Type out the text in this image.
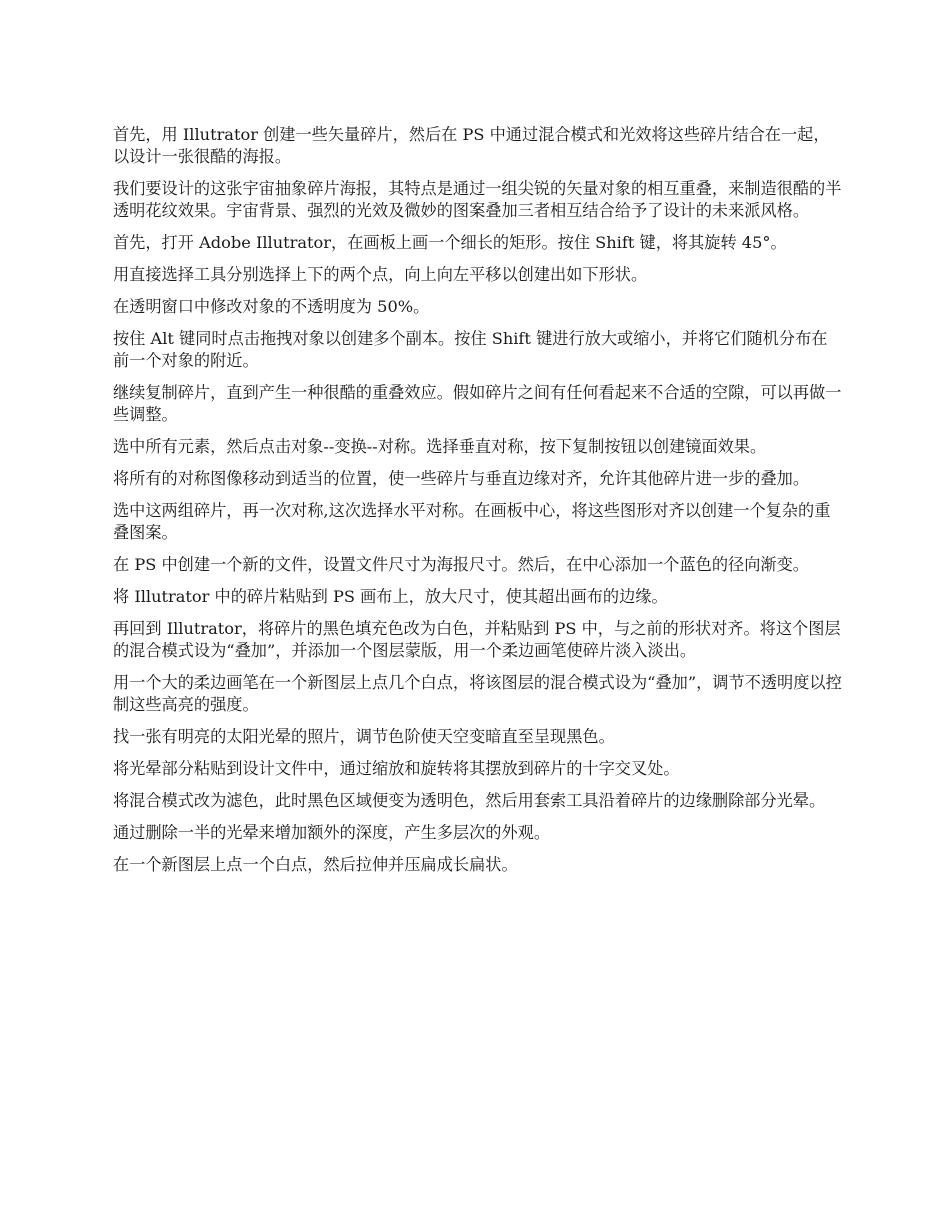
首先，用 Illutrator 创建一些矢量碎片，然后在 PS 中通过混合模式和光效将这些碎片结合在一起，以设计一张很酷的海报。

我们要设计的这张宇宙抽象碎片海报，其特点是通过一组尖锐的矢量对象的相互重叠，来制造很酷的半透明花纹效果。宇宙背景、强烈的光效及微妙的图案叠加三者相互结合给予了设计的未来派风格。

首先，打开 Adobe Illutrator，在画板上画一个细长的矩形。按住 Shift 键，将其旋转 45°。

用直接选择工具分别选择上下的两个点，向上向左平移以创建出如下形状。

在透明窗口中修改对象的不透明度为 50%。

按住 Alt 键同时点击拖拽对象以创建多个副本。按住 Shift 键进行放大或缩小，并将它们随机分布在前一个对象的附近。

继续复制碎片，直到产生一种很酷的重叠效应。假如碎片之间有任何看起来不合适的空隙，可以再做一些调整。

选中所有元素，然后点击对象--变换--对称。选择垂直对称，按下复制按钮以创建镜面效果。

将所有的对称图像移动到适当的位置，使一些碎片与垂直边缘对齐，允许其他碎片进一步的叠加。

选中这两组碎片，再一次对称,这次选择水平对称。在画板中心，将这些图形对齐以创建一个复杂的重叠图案。

在 PS 中创建一个新的文件，设置文件尺寸为海报尺寸。然后，在中心添加一个蓝色的径向渐变。

将 Illutrator 中的碎片粘贴到 PS 画布上，放大尺寸，使其超出画布的边缘。

再回到 Illutrator，将碎片的黑色填充色改为白色，并粘贴到 PS 中，与之前的形状对齐。将这个图层的混合模式设为“叠加”，并添加一个图层蒙版，用一个柔边画笔使碎片淡入淡出。

用一个大的柔边画笔在一个新图层上点几个白点，将该图层的混合模式设为“叠加”，调节不透明度以控制这些高亮的强度。

找一张有明亮的太阳光晕的照片，调节色阶使天空变暗直至呈现黑色。

将光晕部分粘贴到设计文件中，通过缩放和旋转将其摆放到碎片的十字交叉处。

将混合模式改为滤色，此时黑色区域便变为透明色，然后用套索工具沿着碎片的边缘删除部分光晕。

通过删除一半的光晕来增加额外的深度，产生多层次的外观。

在一个新图层上点一个白点，然后拉伸并压扁成长扁状。
